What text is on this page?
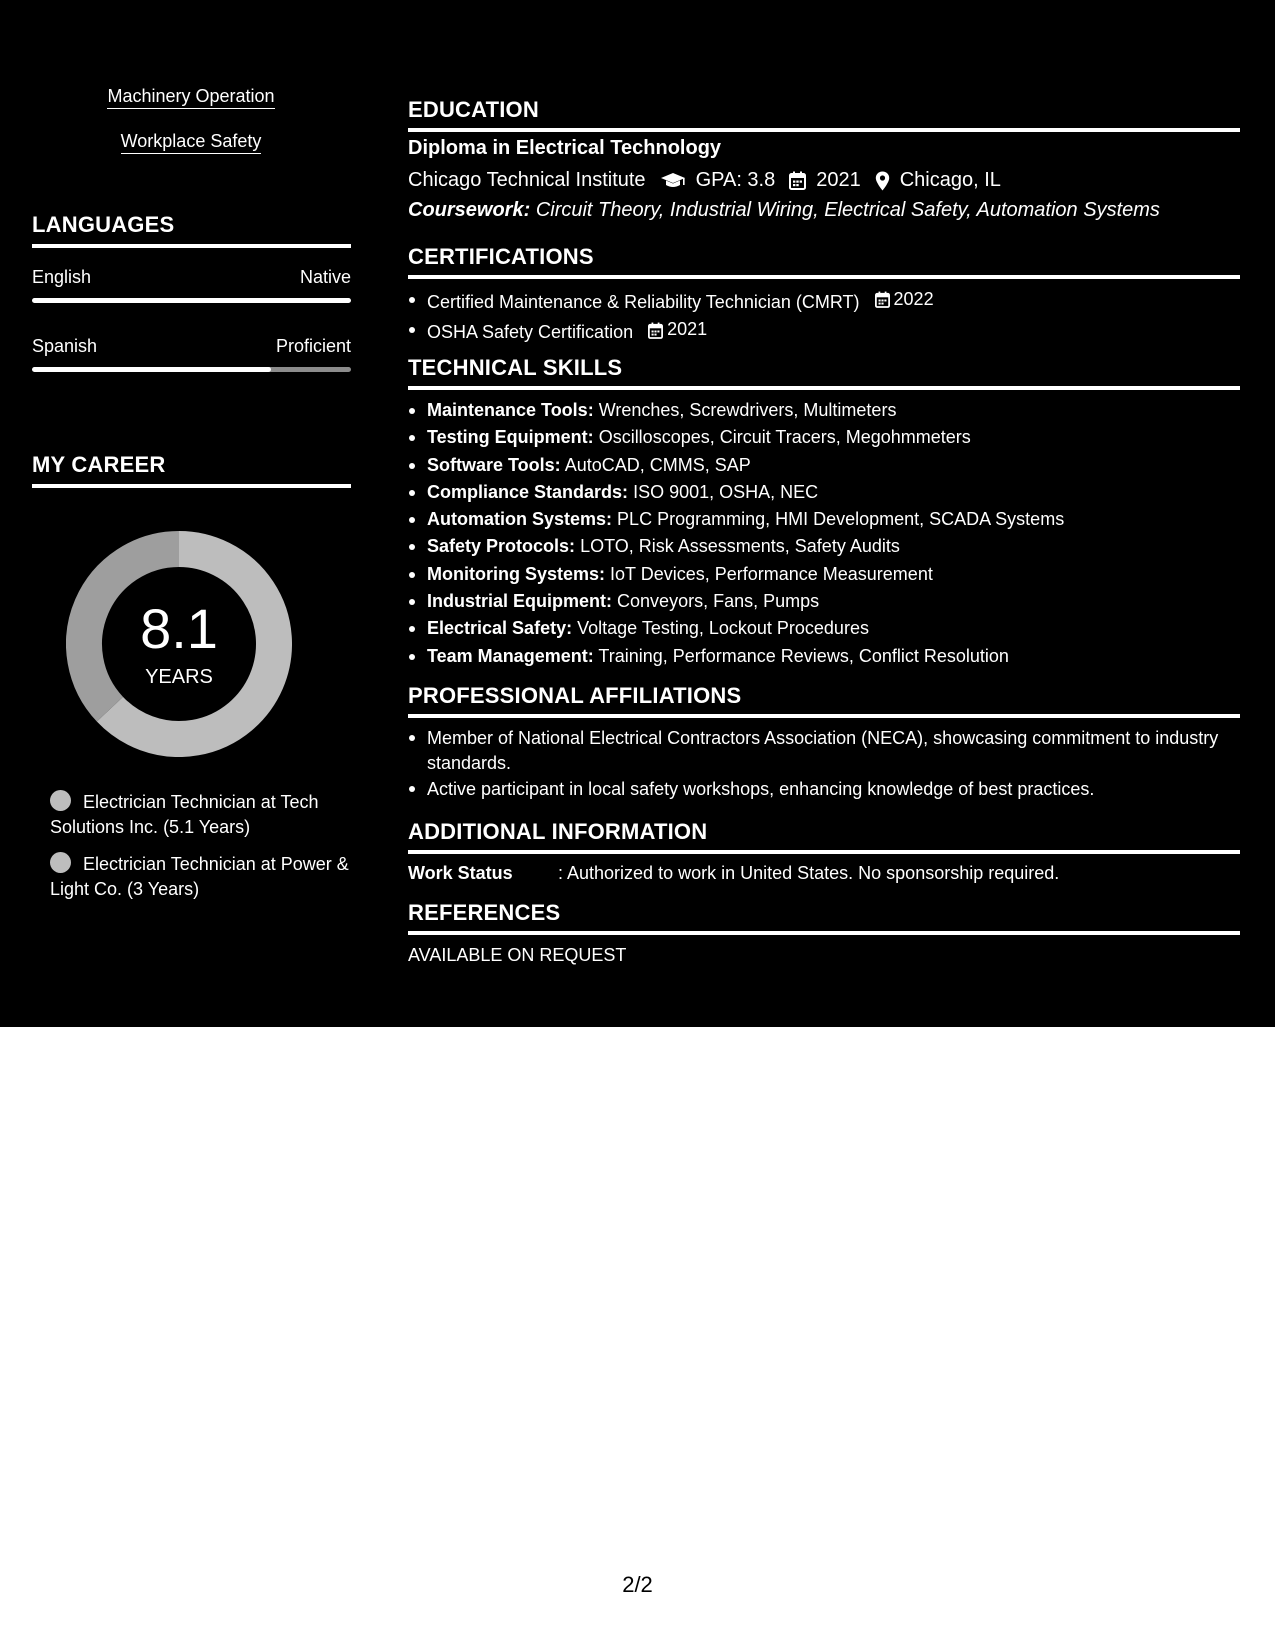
Machinery Operation
Workplace Safety
LANGUAGES
English	Native
Spanish	Proficient
MY CAREER
8.1
YEARS
Electrician Technician at Tech Solutions Inc. (5.1 Years)
Electrician Technician at Power & Light Co. (3 Years)
EDUCATION
Diploma in Electrical Technology
Chicago Technical Institute	GPA: 3.8 2021 Chicago, IL
Coursework: Circuit Theory, Industrial Wiring, Electrical Safety, Automation Systems
CERTIFICATIONS
Certified Maintenance & Reliability Technician (CMRT) 2022
OSHA Safety Certification 2021
TECHNICAL SKILLS
Maintenance Tools: Wrenches, Screwdrivers, Multimeters
Testing Equipment: Oscilloscopes, Circuit Tracers, Megohmmeters
Software Tools: AutoCAD, CMMS, SAP
Compliance Standards: ISO 9001, OSHA, NEC
Automation Systems: PLC Programming, HMI Development, SCADA Systems
Safety Protocols: LOTO, Risk Assessments, Safety Audits
Monitoring Systems: IoT Devices, Performance Measurement
Industrial Equipment: Conveyors, Fans, Pumps
Electrical Safety: Voltage Testing, Lockout Procedures
Team Management: Training, Performance Reviews, Conflict Resolution
PROFESSIONAL AFFILIATIONS
Member of National Electrical Contractors Association (NECA), showcasing commitment to industry standards.
Active participant in local safety workshops, enhancing knowledge of best practices.
ADDITIONAL INFORMATION
Work Status	: Authorized to work in United States. No sponsorship required.
REFERENCES
AVAILABLE ON REQUEST
2/2
